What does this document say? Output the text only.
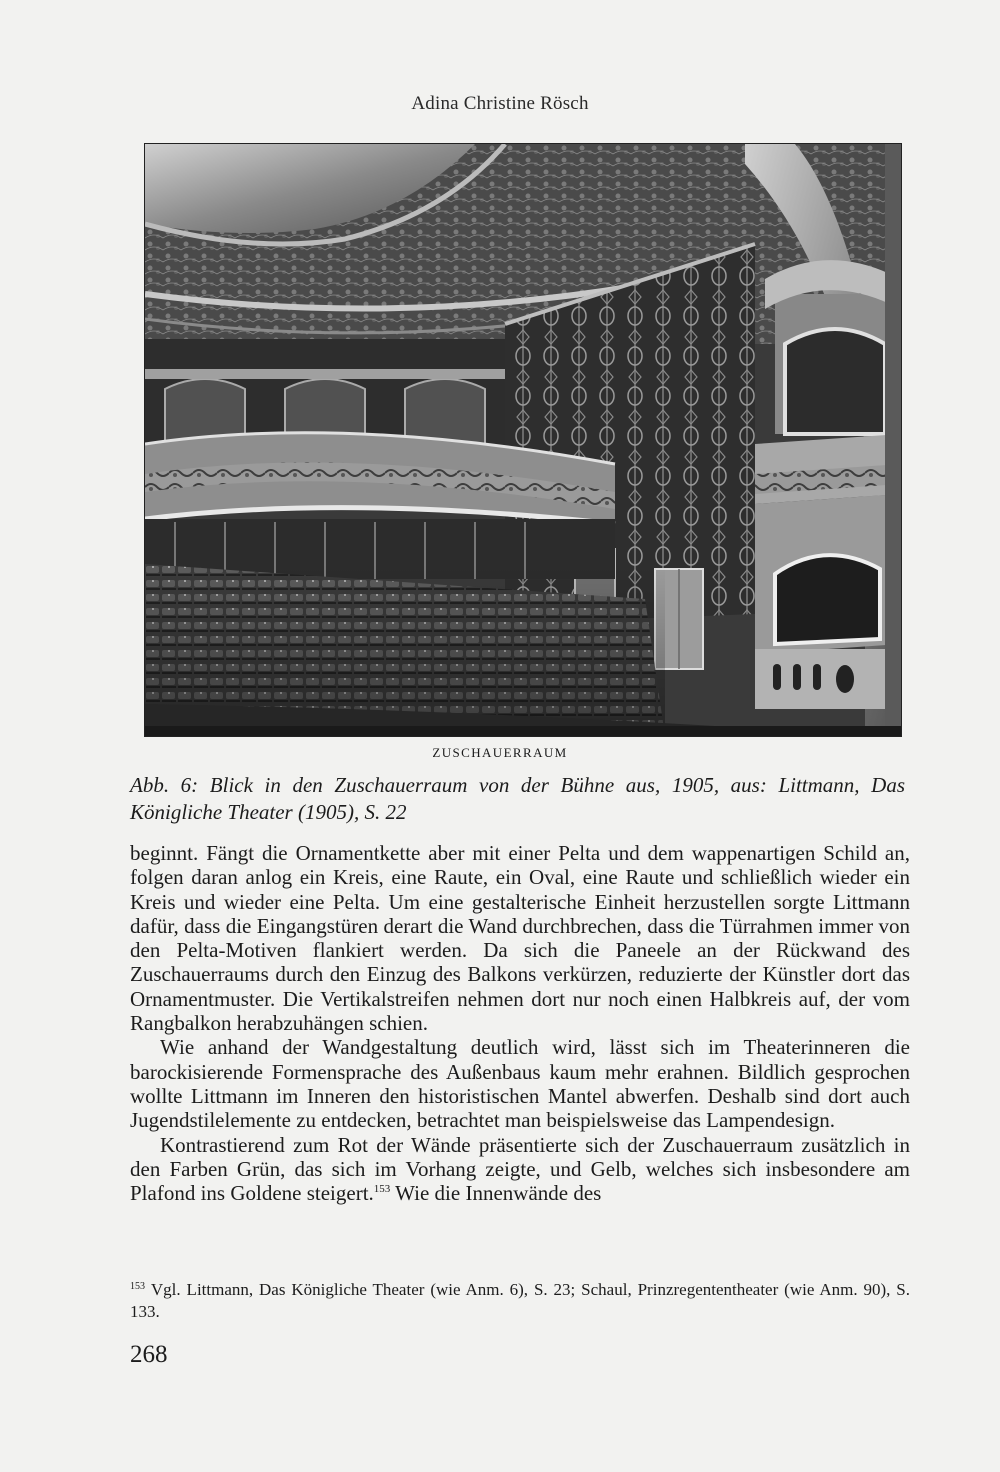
Adina Christine Rösch
ZUSCHAUERRAUM
Abb. 6: Blick in den Zuschauerraum von der Bühne aus, 1905, aus: Littmann, Das Königliche Theater (1905), S. 22

beginnt. Fängt die Ornamentkette aber mit einer Pelta und dem wappenartigen Schild an, folgen daran anlog ein Kreis, eine Raute, ein Oval, eine Raute und schließlich wieder ein Kreis und wieder eine Pelta. Um eine gestalterische Einheit herzustellen sorgte Littmann dafür, dass die Eingangstüren derart die Wand durchbrechen, dass die Türrahmen immer von den Pelta-Motiven flankiert werden. Da sich die Paneele an der Rückwand des Zuschauerraums durch den Einzug des Balkons verkürzen, reduzierte der Künstler dort das Ornamentmuster. Die Vertikalstreifen nehmen dort nur noch einen Halbkreis auf, der vom Rangbalkon herabzuhängen schien.

Wie anhand der Wandgestaltung deutlich wird, lässt sich im Theaterinneren die barockisierende Formensprache des Außenbaus kaum mehr erahnen. Bildlich gesprochen wollte Littmann im Inneren den historistischen Mantel abwerfen. Deshalb sind dort auch Jugendstilelemente zu entdecken, betrachtet man beispielsweise das Lampendesign.

Kontrastierend zum Rot der Wände präsentierte sich der Zuschauerraum zusätzlich in den Farben Grün, das sich im Vorhang zeigte, und Gelb, welches sich insbesondere am Plafond ins Goldene steigert.$^{153}$ Wie die Innenwände des

$^{153}$ Vgl. Littmann, Das Königliche Theater (wie Anm. 6), S. 23; Schaul, Prinzregententheater (wie Anm. 90), S. 133.
268
